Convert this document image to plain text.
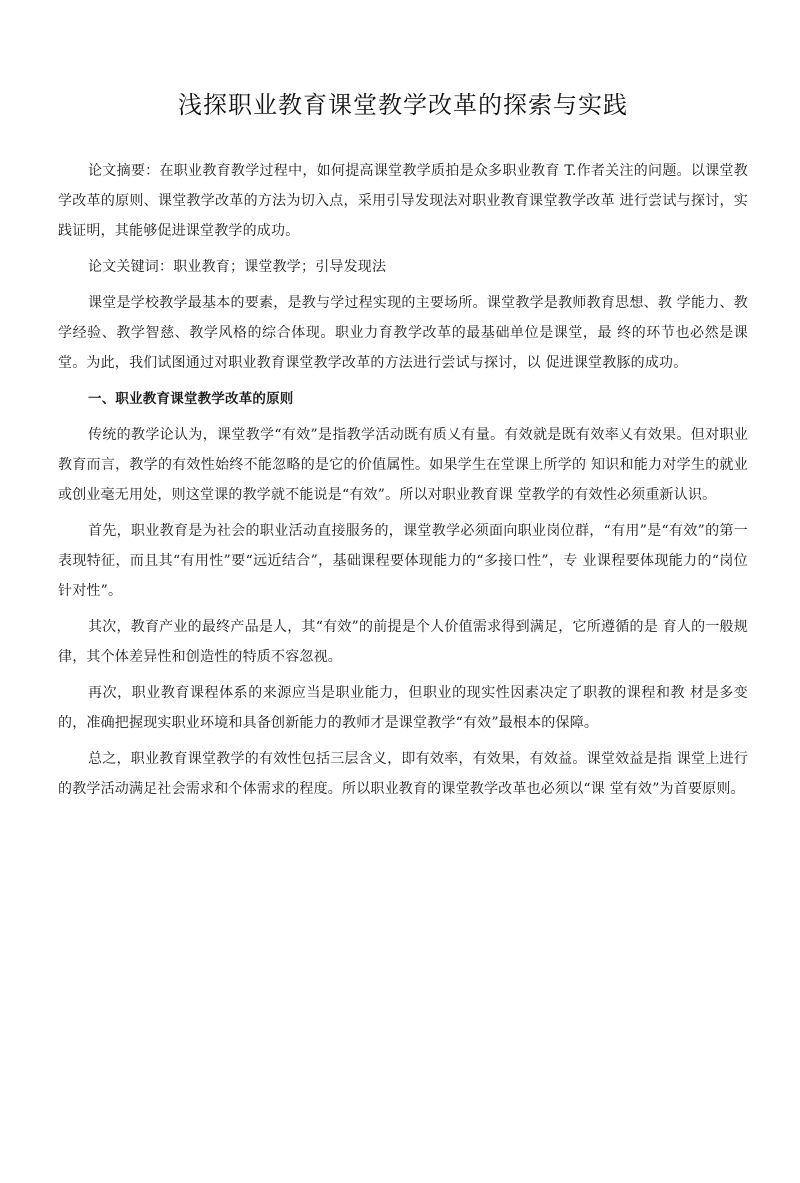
浅探职业教育课堂教学改革的探索与实践

论文摘要：在职业教育教学过程中，如何提高课堂教学质拍是众多职业教育 T.作者关注的问题。以课堂教学改革的原则、课堂教学改革的方法为切入点，采用引导发现法对职业教育课堂教学改革 进行尝试与探讨，实践证明，其能够促进课堂教学的成功。

论文关键词：职业教育；课堂教学；引导发现法

课堂是学校教学最基本的要素，是教与学过程实现的主要场所。课堂教学是教师教育思想、教 学能力、教学经验、教学智慈、教学风格的综合体现。职业力育教学改革的最基础单位是课堂，最 终的环节也必然是课堂。为此，我们试图通过对职业教育课堂教学改革的方法进行尝试与探讨，以 促进课堂教豚的成功。

一、职业教育课堂教学改革的原则

传统的教学论认为，课堂教学“有效”是指教学活动既有质乂有量。有效就是既有效率乂有效果。但对职业教育而言，教学的有效性始终不能忽略的是它的价值属性。如果学生在堂课上所学的 知识和能力对学生的就业或创业毫无用处，则这堂课的教学就不能说是“有效”。所以对职业教育课 堂教学的有效性必须重新认识。

首先，职业教育是为社会的职业活动直接服务的，课堂教学必须面向职业岗位群，“有用”是“有效”的第一表现特征，而且其“有用性”要“远近结合”，基础课程要体现能力的“多接口性”，专 业课程要体现能力的“岗位针对性”。

其次，教育产业的最终产品是人，其“有效”的前提是个人价值需求得到满足，它所遵循的是 育人的一般规律，其个体差异性和创造性的特质不容忽视。

再次，职业教育课程体系的来源应当是职业能力，但职业的现实性因素决定了职教的课程和教 材是多变的，准确把握现实职业环境和具备创新能力的教师才是课堂教学“有效”最根本的保障。

总之，职业教育课堂教学的有效性包括三层含义，即有效率，有效果，有效益。课堂效益是指 课堂上进行的教学活动满足社会需求和个体需求的程度。所以职业教育的课堂教学改革也必须以“课 堂有效”为首要原则。
